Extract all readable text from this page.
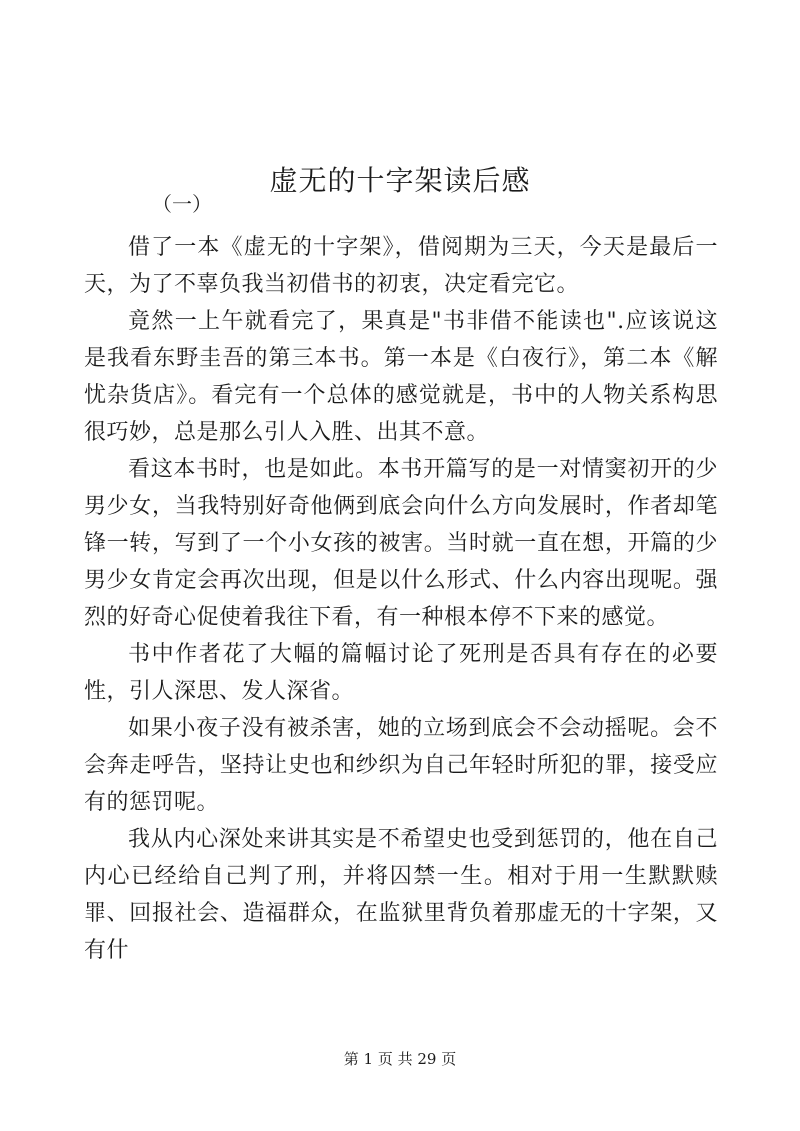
虚无的十字架读后感
（一）

借了一本《虚无的十字架》，借阅期为三天，今天是最后一天，为了不辜负我当初借书的初衷，决定看完它。

竟然一上午就看完了，果真是"书非借不能读也".应该说这是我看东野圭吾的第三本书。第一本是《白夜行》，第二本《解忧杂货店》。看完有一个总体的感觉就是，书中的人物关系构思很巧妙，总是那么引人入胜、出其不意。

看这本书时，也是如此。本书开篇写的是一对情窦初开的少男少女，当我特别好奇他俩到底会向什么方向发展时，作者却笔锋一转，写到了一个小女孩的被害。当时就一直在想，开篇的少男少女肯定会再次出现，但是以什么形式、什么内容出现呢。强烈的好奇心促使着我往下看，有一种根本停不下来的感觉。

书中作者花了大幅的篇幅讨论了死刑是否具有存在的必要性，引人深思、发人深省。

如果小夜子没有被杀害，她的立场到底会不会动摇呢。会不会奔走呼告，坚持让史也和纱织为自己年轻时所犯的罪，接受应有的惩罚呢。

我从内心深处来讲其实是不希望史也受到惩罚的，他在自己内心已经给自己判了刑，并将囚禁一生。相对于用一生默默赎罪、回报社会、造福群众，在监狱里背负着那虚无的十字架，又有什

第 1 页 共 29 页
